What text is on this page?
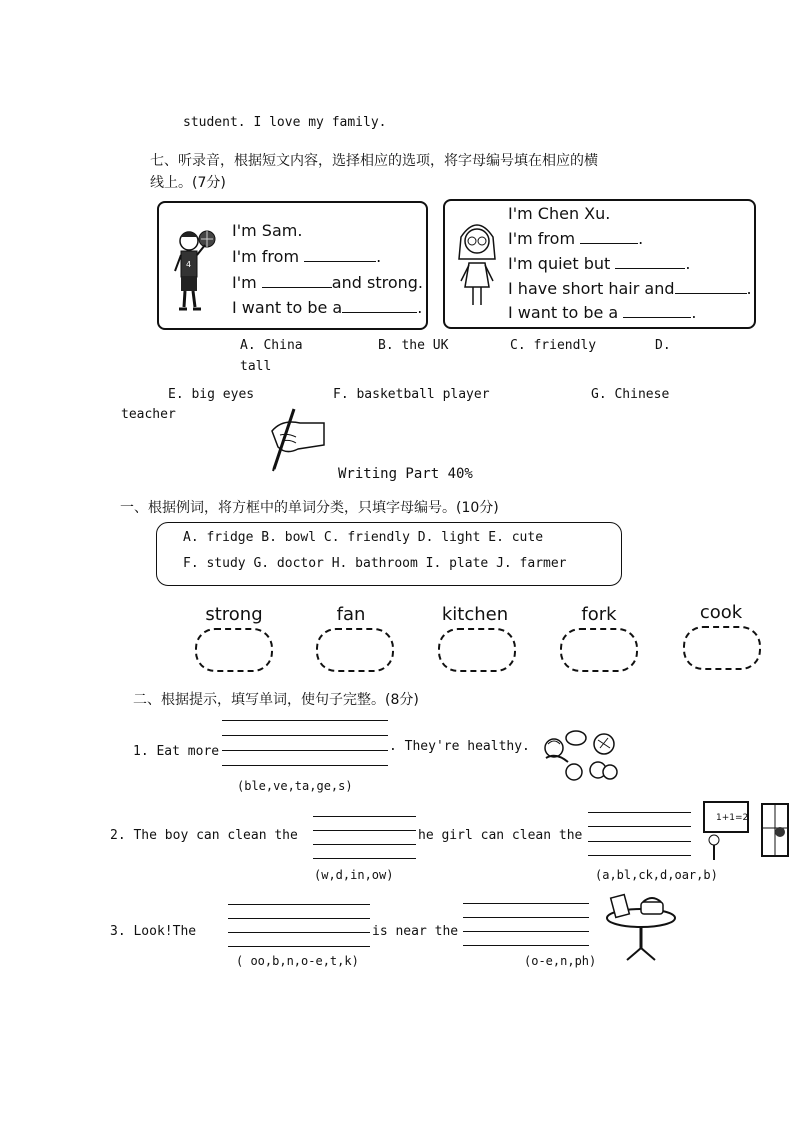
student. I love my family.
七、听录音，根据短文内容，选择相应的选项，将字母编号填在相应的横
线上。(7分)
4
I'm Sam.
I'm from	.
I'm	and strong.
I want to be a	.
I'm Chen Xu.
I'm from	.
I'm quiet but	.
I have short hair and	.
I want to be a	.
A. China	B. the UK	C. friendly	D.
tall
E. big eyes	F. basketball player	G. Chinese
teacher
Writing Part 40%
一、根据例词，将方框中的单词分类，只填字母编号。(10分)
A. fridge B. bowl C. friendly D. light E. cute
F. study G. doctor H. bathroom I. plate J. farmer
strong	fan	kitchen	fork	cook
二、根据提示，填写单词，使句子完整。(8分)
1. Eat more	. They're healthy.
(ble,ve,ta,ge,s)
2. The boy can clean the	he girl can clean the
(w,d,in,ow)	(a,bl,ck,d,oar,b)
1+1=2
3. Look!The	is near the
( oo,b,n,o-e,t,k)	(o-e,n,ph)
